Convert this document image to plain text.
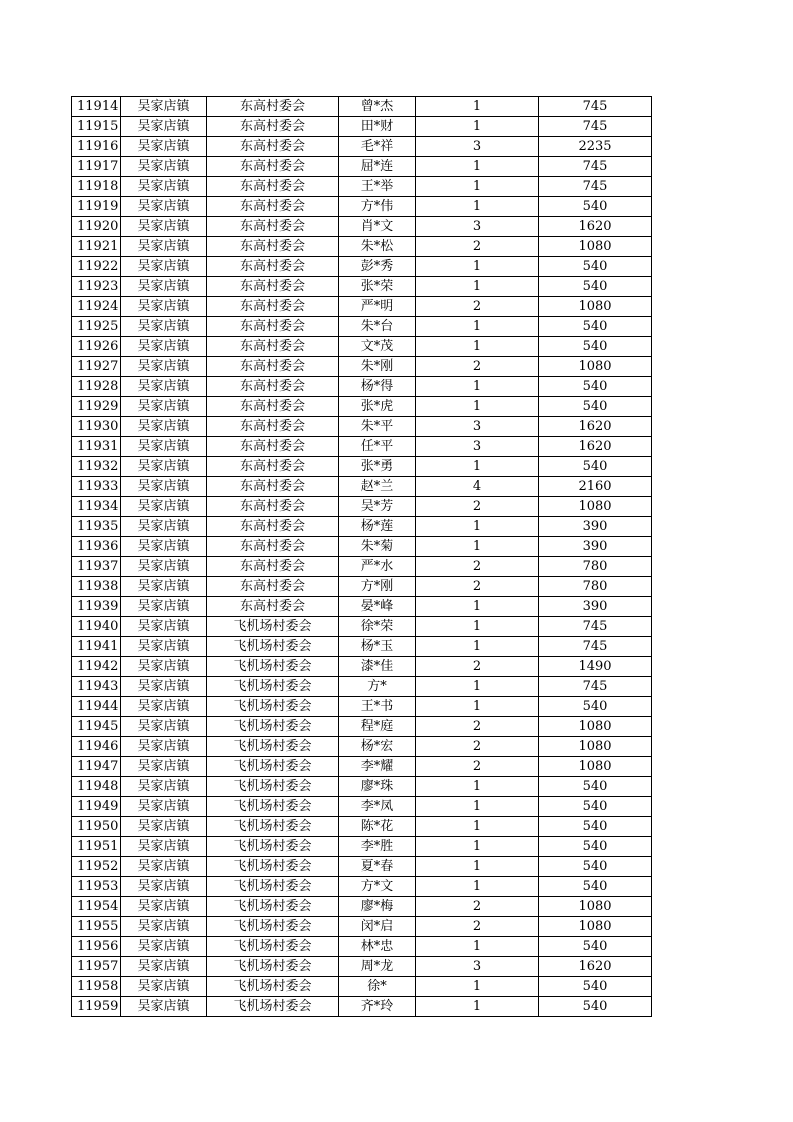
11914	吴家店镇	东高村委会	曾*杰	1	745
11915	吴家店镇	东高村委会	田*财	1	745
11916	吴家店镇	东高村委会	毛*祥	3	2235
11917	吴家店镇	东高村委会	屈*连	1	745
11918	吴家店镇	东高村委会	王*举	1	745
11919	吴家店镇	东高村委会	方*伟	1	540
11920	吴家店镇	东高村委会	肖*文	3	1620
11921	吴家店镇	东高村委会	朱*松	2	1080
11922	吴家店镇	东高村委会	彭*秀	1	540
11923	吴家店镇	东高村委会	张*荣	1	540
11924	吴家店镇	东高村委会	严*明	2	1080
11925	吴家店镇	东高村委会	朱*台	1	540
11926	吴家店镇	东高村委会	文*茂	1	540
11927	吴家店镇	东高村委会	朱*刚	2	1080
11928	吴家店镇	东高村委会	杨*得	1	540
11929	吴家店镇	东高村委会	张*虎	1	540
11930	吴家店镇	东高村委会	朱*平	3	1620
11931	吴家店镇	东高村委会	任*平	3	1620
11932	吴家店镇	东高村委会	张*勇	1	540
11933	吴家店镇	东高村委会	赵*兰	4	2160
11934	吴家店镇	东高村委会	吴*芳	2	1080
11935	吴家店镇	东高村委会	杨*莲	1	390
11936	吴家店镇	东高村委会	朱*菊	1	390
11937	吴家店镇	东高村委会	严*水	2	780
11938	吴家店镇	东高村委会	方*刚	2	780
11939	吴家店镇	东高村委会	晏*峰	1	390
11940	吴家店镇	飞机场村委会	徐*荣	1	745
11941	吴家店镇	飞机场村委会	杨*玉	1	745
11942	吴家店镇	飞机场村委会	漆*佳	2	1490
11943	吴家店镇	飞机场村委会	方*	1	745
11944	吴家店镇	飞机场村委会	王*书	1	540
11945	吴家店镇	飞机场村委会	程*庭	2	1080
11946	吴家店镇	飞机场村委会	杨*宏	2	1080
11947	吴家店镇	飞机场村委会	李*耀	2	1080
11948	吴家店镇	飞机场村委会	廖*珠	1	540
11949	吴家店镇	飞机场村委会	李*凤	1	540
11950	吴家店镇	飞机场村委会	陈*花	1	540
11951	吴家店镇	飞机场村委会	李*胜	1	540
11952	吴家店镇	飞机场村委会	夏*春	1	540
11953	吴家店镇	飞机场村委会	方*文	1	540
11954	吴家店镇	飞机场村委会	廖*梅	2	1080
11955	吴家店镇	飞机场村委会	闵*启	2	1080
11956	吴家店镇	飞机场村委会	林*忠	1	540
11957	吴家店镇	飞机场村委会	周*龙	3	1620
11958	吴家店镇	飞机场村委会	徐*	1	540
11959	吴家店镇	飞机场村委会	齐*玲	1	540
